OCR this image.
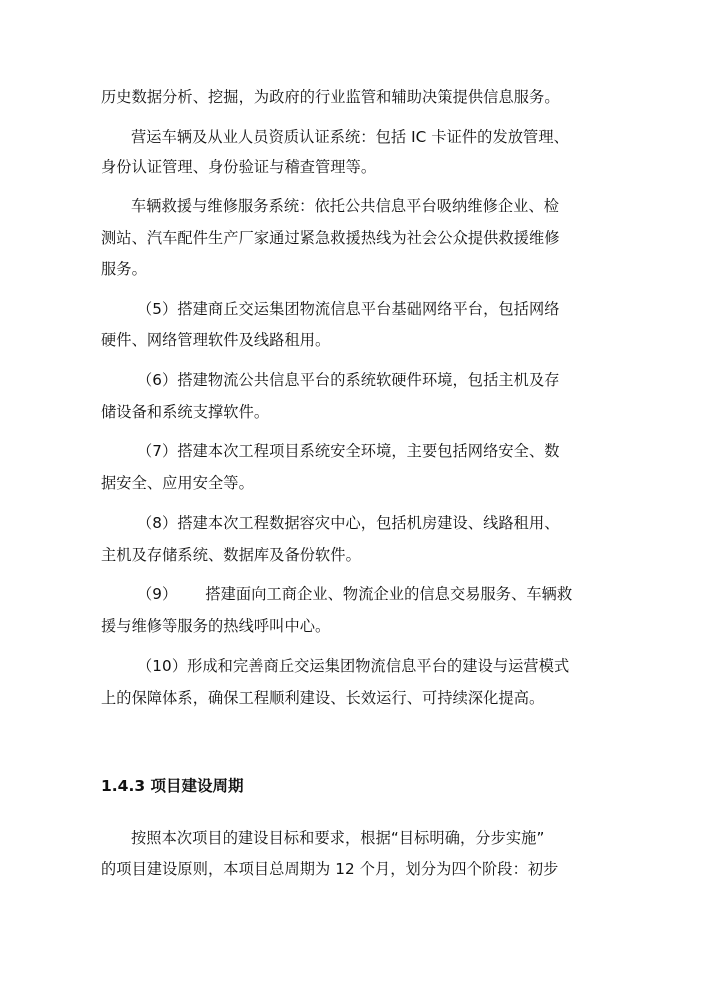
历史数据分析、挖掘，为政府的行业监管和辅助决策提供信息服务。
营运车辆及从业人员资质认证系统：包括 IC 卡证件的发放管理、
身份认证管理、身份验证与稽查管理等。
车辆救援与维修服务系统：依托公共信息平台吸纳维修企业、检
测站、汽车配件生产厂家通过紧急救援热线为社会公众提供救援维修
服务。
（5）搭建商丘交运集团物流信息平台基础网络平台，包括网络
硬件、网络管理软件及线路租用。
（6）搭建物流公共信息平台的系统软硬件环境，包括主机及存
储设备和系统支撑软件。
（7）搭建本次工程项目系统安全环境，主要包括网络安全、数
据安全、应用安全等。
（8）搭建本次工程数据容灾中心，包括机房建设、线路租用、
主机及存储系统、数据库及备份软件。
（9） 搭建面向工商企业、物流企业的信息交易服务、车辆救
援与维修等服务的热线呼叫中心。
（10）形成和完善商丘交运集团物流信息平台的建设与运营模式
上的保障体系，确保工程顺利建设、长效运行、可持续深化提高。
1.4.3 项目建设周期
按照本次项目的建设目标和要求，根据“目标明确，分步实施”
的项目建设原则，本项目总周期为 12 个月，划分为四个阶段：初步
